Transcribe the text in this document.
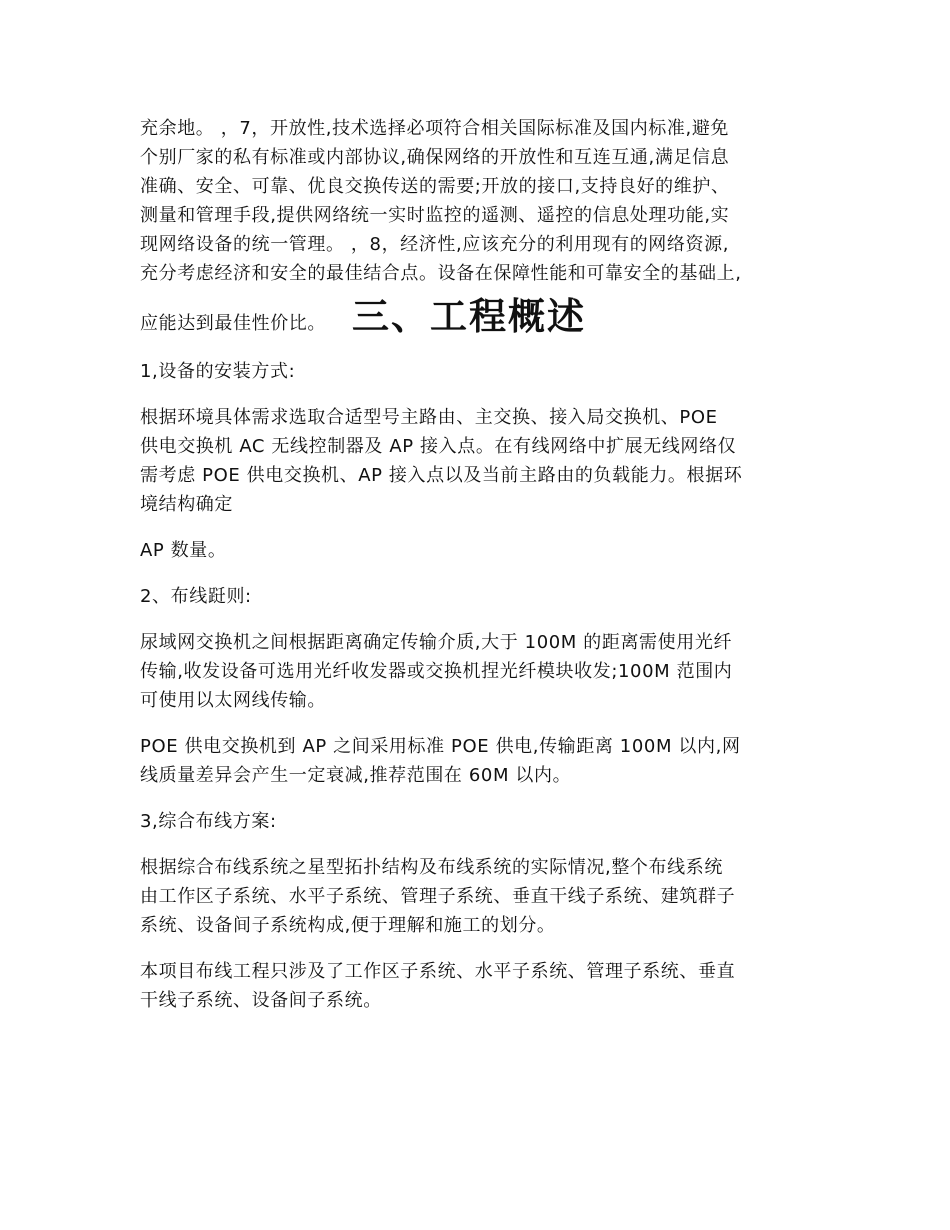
充余地。 ，7，开放性,技术选择必项符合相关国际标准及国内标准,避免
个别厂家的私有标准或内部协议,确保网络的开放性和互连互通,满足信息
准确、安全、可靠、优良交换传送的需要;开放的接口,支持良好的维护、
测量和管理手段,提供网络统一实时监控的遥测、遥控的信息处理功能,实
现网络设备的统一管理。 ，8，经济性,应该充分的利用现有的网络资源,
充分考虑经济和安全的最佳结合点。设备在保障性能和可靠安全的基础上,
应能达到最佳性价比。 三、工程概述
1,设备的安装方式:
根据环境具体需求选取合适型号主路由、主交换、接入局交换机、POE
供电交换机 AC 无线控制器及 AP 接入点。在有线网络中扩展无线网络仅
需考虑 POE 供电交换机、AP 接入点以及当前主路由的负载能力。根据环
境结构确定
AP 数量。
2、布线跹则:
尿域网交换机之间根据距离确定传输介质,大于 100M 的距离需使用光纤
传输,收发设备可选用光纤收发器或交换机捏光纤模块收发;100M 范围内
可使用以太网线传输。
POE 供电交换机到 AP 之间采用标准 POE 供电,传输距离 100M 以内,网
线质量差异会产生一定衰减,推荐范围在 60M 以内。
3,综合布线方案:
根据综合布线系统之星型拓扑结构及布线系统的实际情况,整个布线系统
由工作区子系统、水平子系统、管理子系统、垂直干线子系统、建筑群子
系统、设备间子系统构成,便于理解和施工的划分。
本项目布线工程只涉及了工作区子系统、水平子系统、管理子系统、垂直
干线子系统、设备间子系统。
